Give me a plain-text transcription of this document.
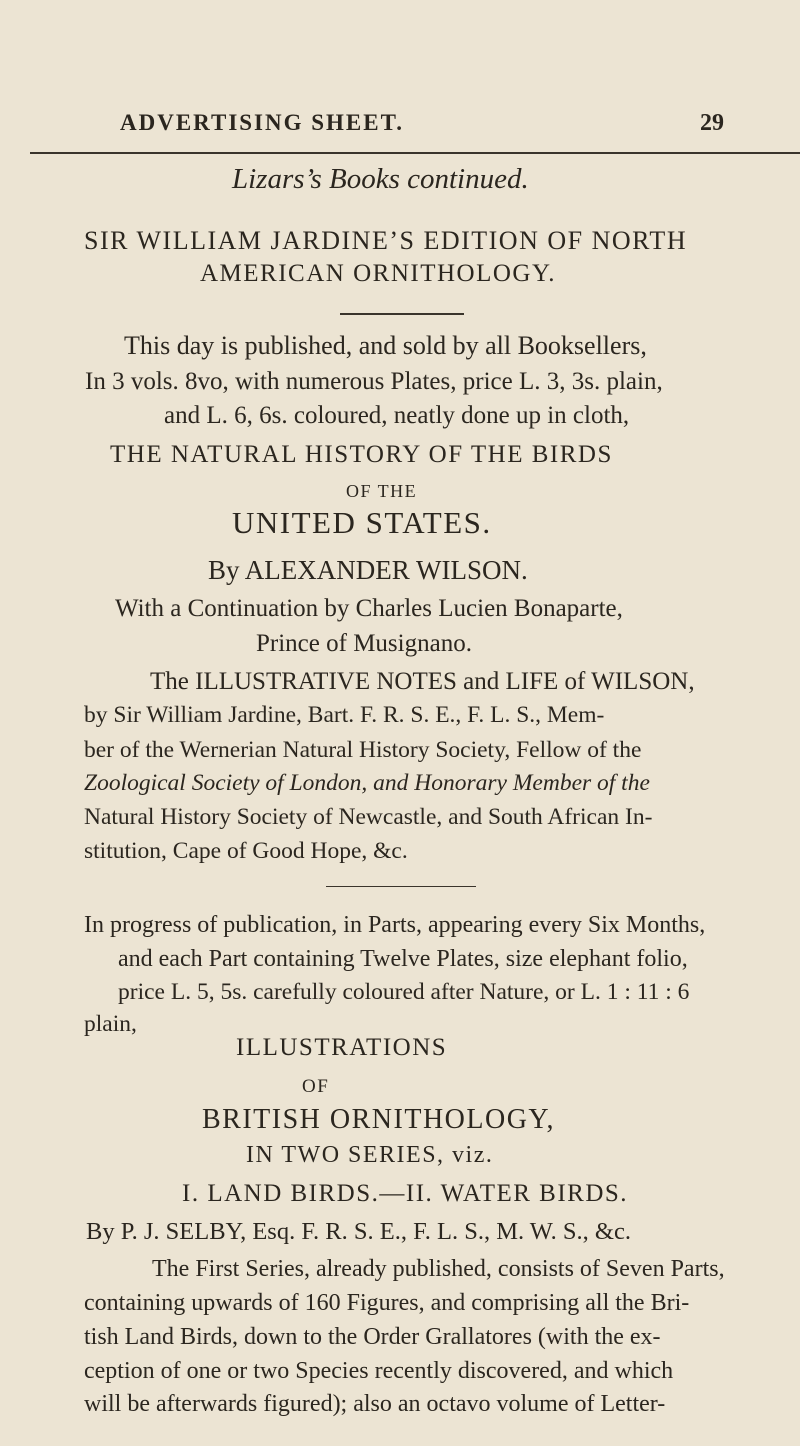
ADVERTISING SHEET.	29
Lizars’s Books continued.
SIR WILLIAM JARDINE’S EDITION OF NORTH
AMERICAN ORNITHOLOGY.
This day is published, and sold by all Booksellers,
In 3 vols. 8vo, with numerous Plates, price L. 3, 3s. plain,
and L. 6, 6s. coloured, neatly done up in cloth,
THE NATURAL HISTORY OF THE BIRDS
OF THE
UNITED STATES.
By ALEXANDER WILSON.
With a Continuation by Charles Lucien Bonaparte,
Prince of Musignano.
The ILLUSTRATIVE NOTES and LIFE of WILSON,
by Sir William Jardine, Bart. F. R. S. E., F. L. S., Mem-
ber of the Wernerian Natural History Society, Fellow of the
Zoological Society of London, and Honorary Member of the
Natural History Society of Newcastle, and South African In-
stitution, Cape of Good Hope, &c.
In progress of publication, in Parts, appearing every Six Months,
and each Part containing Twelve Plates, size elephant folio,
price L. 5, 5s. carefully coloured after Nature, or L. 1 : 11 : 6
plain,
ILLUSTRATIONS
OF
BRITISH ORNITHOLOGY,
IN TWO SERIES, viz.
I. LAND BIRDS.—II. WATER BIRDS.
By P. J. SELBY, Esq. F. R. S. E., F. L. S., M. W. S., &c.
The First Series, already published, consists of Seven Parts,
containing upwards of 160 Figures, and comprising all the Bri-
tish Land Birds, down to the Order Grallatores (with the ex-
ception of one or two Species recently discovered, and which
will be afterwards figured); also an octavo volume of Letter-
